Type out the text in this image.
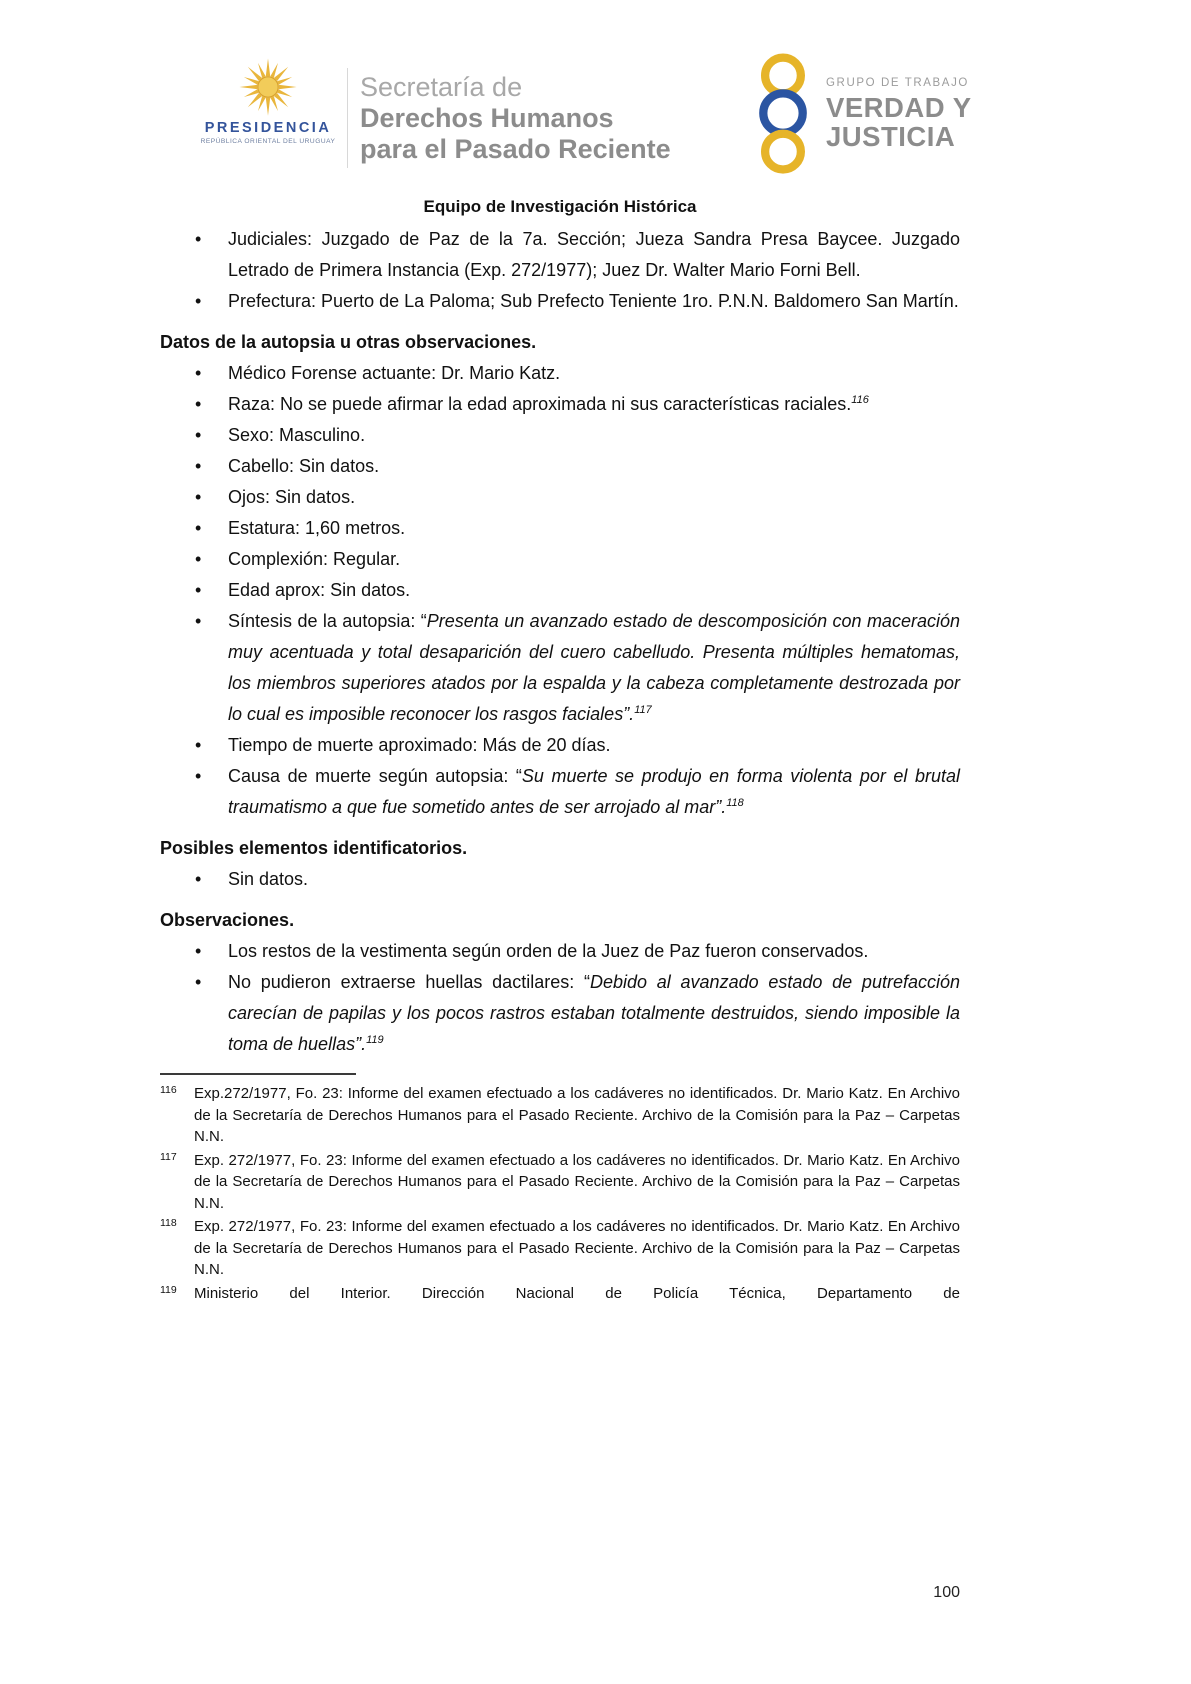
PRESIDENCIA
REPÚBLICA ORIENTAL DEL URUGUAY
Secretaría de
Derechos Humanos
para el Pasado Reciente
GRUPO DE TRABAJO
VERDAD Y
JUSTICIA
Equipo de Investigación Histórica
• Judiciales: Juzgado de Paz de la 7a. Sección; Jueza Sandra Presa Baycee. Juzgado Letrado de Primera Instancia (Exp. 272/1977); Juez Dr. Walter Mario Forni Bell.
• Prefectura: Puerto de La Paloma; Sub Prefecto Teniente 1ro. P.N.N. Baldomero San Martín.
Datos de la autopsia u otras observaciones.
• Médico Forense actuante: Dr. Mario Katz.
• Raza: No se puede afirmar la edad aproximada ni sus características raciales.$^{116}$
• Sexo: Masculino.
• Cabello: Sin datos.
• Ojos: Sin datos.
• Estatura: 1,60 metros.
• Complexión: Regular.
• Edad aprox: Sin datos.
• Síntesis de la autopsia: “Presenta un avanzado estado de descomposición con maceración muy acentuada y total desaparición del cuero cabelludo. Presenta múltiples hematomas, los miembros superiores atados por la espalda y la cabeza completamente destrozada por lo cual es imposible reconocer los rasgos faciales”.$^{117}$
• Tiempo de muerte aproximado: Más de 20 días.
• Causa de muerte según autopsia: “Su muerte se produjo en forma violenta por el brutal traumatismo a que fue sometido antes de ser arrojado al mar”.$^{118}$
Posibles elementos identificatorios.
• Sin datos.
Observaciones.
• Los restos de la vestimenta según orden de la Juez de Paz fueron conservados.
• No pudieron extraerse huellas dactilares: “Debido al avanzado estado de putrefacción carecían de papilas y los pocos rastros estaban totalmente destruidos, siendo imposible la toma de huellas”.$^{119}$
116	Exp.272/1977, Fo. 23: Informe del examen efectuado a los cadáveres no identificados. Dr. Mario Katz. En Archivo de la Secretaría de Derechos Humanos para el Pasado Reciente. Archivo de la Comisión para la Paz – Carpetas N.N.
117	Exp. 272/1977, Fo. 23: Informe del examen efectuado a los cadáveres no identificados. Dr. Mario Katz. En Archivo de la Secretaría de Derechos Humanos para el Pasado Reciente. Archivo de la Comisión para la Paz – Carpetas N.N.
118	Exp. 272/1977, Fo. 23: Informe del examen efectuado a los cadáveres no identificados. Dr. Mario Katz. En Archivo de la Secretaría de Derechos Humanos para el Pasado Reciente. Archivo de la Comisión para la Paz – Carpetas N.N.
119	Ministerio del Interior. Dirección Nacional de Policía Técnica, Departamento de
100
